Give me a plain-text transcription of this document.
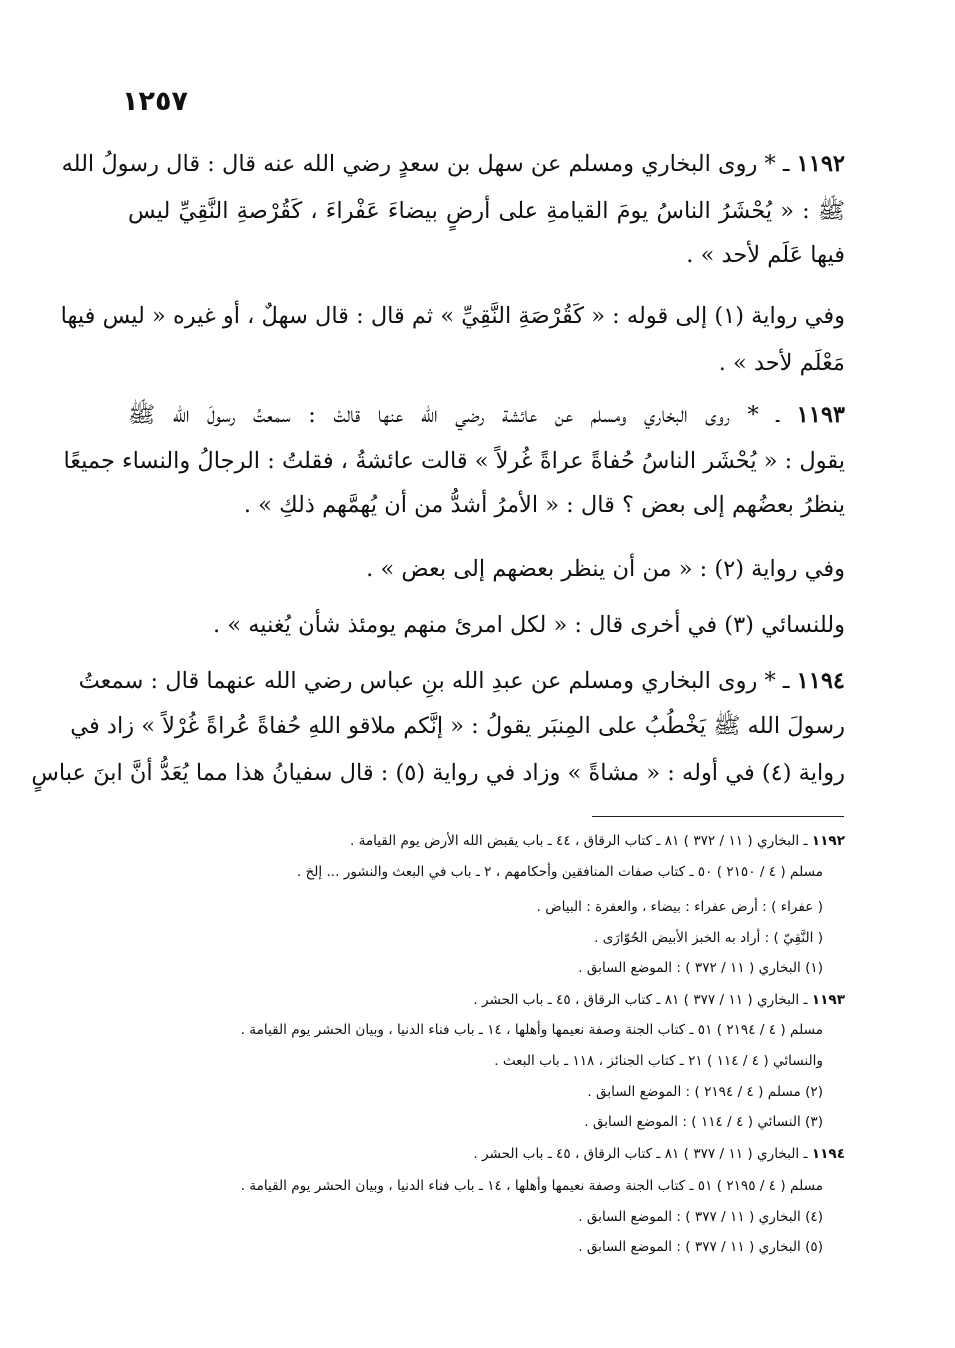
١٢٥٧
١١٩٢ ـ * روى البخاري ومسلم عن سهل بن سعدٍ رضي الله عنه قال : قال رسولُ الله
ﷺ : « يُحْشَرُ الناسُ يومَ القيامةِ على أرضٍ بيضاءَ عَفْراءَ ، كَقُرْصةِ النَّقِيِّ ليس
فيها عَلَم لأحد » .
وفي رواية (١) إلى قوله : « كَقُرْصَةِ النَّقِيِّ » ثم قال : قال سهلٌ ، أو غيره « ليس فيها
مَعْلَم لأحد » .
١١٩٣ ـ * روى البخاري ومسلم عن عائشة رضي الله عنها قالتْ : سمعتُ رسولَ الله ﷺ
يقول : « يُحْشَر الناسُ حُفاةً عراةً غُرلاً » قالت عائشةُ ، فقلتُ : الرجالُ والنساء جميعًا
ينظرُ بعضُهم إلى بعض ؟ قال : « الأمرُ أشدُّ من أن يُهمَّهم ذلكِ » .
وفي رواية (٢) : « من أن ينظر بعضهم إلى بعض » .
وللنسائي (٣) في أخرى قال : « لكل امرئ منهم يومئذ شأن يُغنيه » .
١١٩٤ ـ * روى البخاري ومسلم عن عبدِ الله بنِ عباس رضي الله عنهما قال : سمعتُ
رسولَ الله ﷺ يَخْطُبُ على المِنبَر يقولُ : « إنَّكم ملاقو اللهِ حُفاةً عُراةً غُرْلاً » زاد في
رواية (٤) في أوله : « مشاةً » وزاد في رواية (٥) : قال سفيانُ هذا مما يُعَدُّ أنَّ ابنَ عباسٍ
١١٩٢ ـ البخاري ( ١١ / ٣٧٢ ) ٨١ ـ كتاب الرقاق ، ٤٤ ـ باب يقبض الله الأرض يوم القيامة .
مسلم ( ٤ / ٢١٥٠ ) ٥٠ ـ كتاب صفات المنافقين وأحكامهم ، ٢ ـ باب في البعث والنشور ... إلخ .
( عفراء ) : أرض عفراء : بيضاء ، والعفرة : البياض .
( النَّقِيّ ) : أراد به الخبز الأبيض الحُوّارَى .
(١) البخاري ( ١١ / ٣٧٢ ) : الموضع السابق .
١١٩٣ ـ البخاري ( ١١ / ٣٧٧ ) ٨١ ـ كتاب الرقاق ، ٤٥ ـ باب الحشر .
مسلم ( ٤ / ٢١٩٤ ) ٥١ ـ كتاب الجنة وصفة نعيمها وأهلها ، ١٤ ـ باب فناء الدنيا ، وبيان الحشر يوم القيامة .
والنسائي ( ٤ / ١١٤ ) ٢١ ـ كتاب الجنائز ، ١١٨ ـ باب البعث .
(٢) مسلم ( ٤ / ٢١٩٤ ) : الموضع السابق .
(٣) النسائي ( ٤ / ١١٤ ) : الموضع السابق .
١١٩٤ ـ البخاري ( ١١ / ٣٧٧ ) ٨١ ـ كتاب الرقاق ، ٤٥ ـ باب الحشر .
مسلم ( ٤ / ٢١٩٥ ) ٥١ ـ كتاب الجنة وصفة نعيمها وأهلها ، ١٤ ـ باب فناء الدنيا ، وبيان الحشر يوم القيامة .
(٤) البخاري ( ١١ / ٣٧٧ ) : الموضع السابق .
(٥) البخاري ( ١١ / ٣٧٧ ) : الموضع السابق .
